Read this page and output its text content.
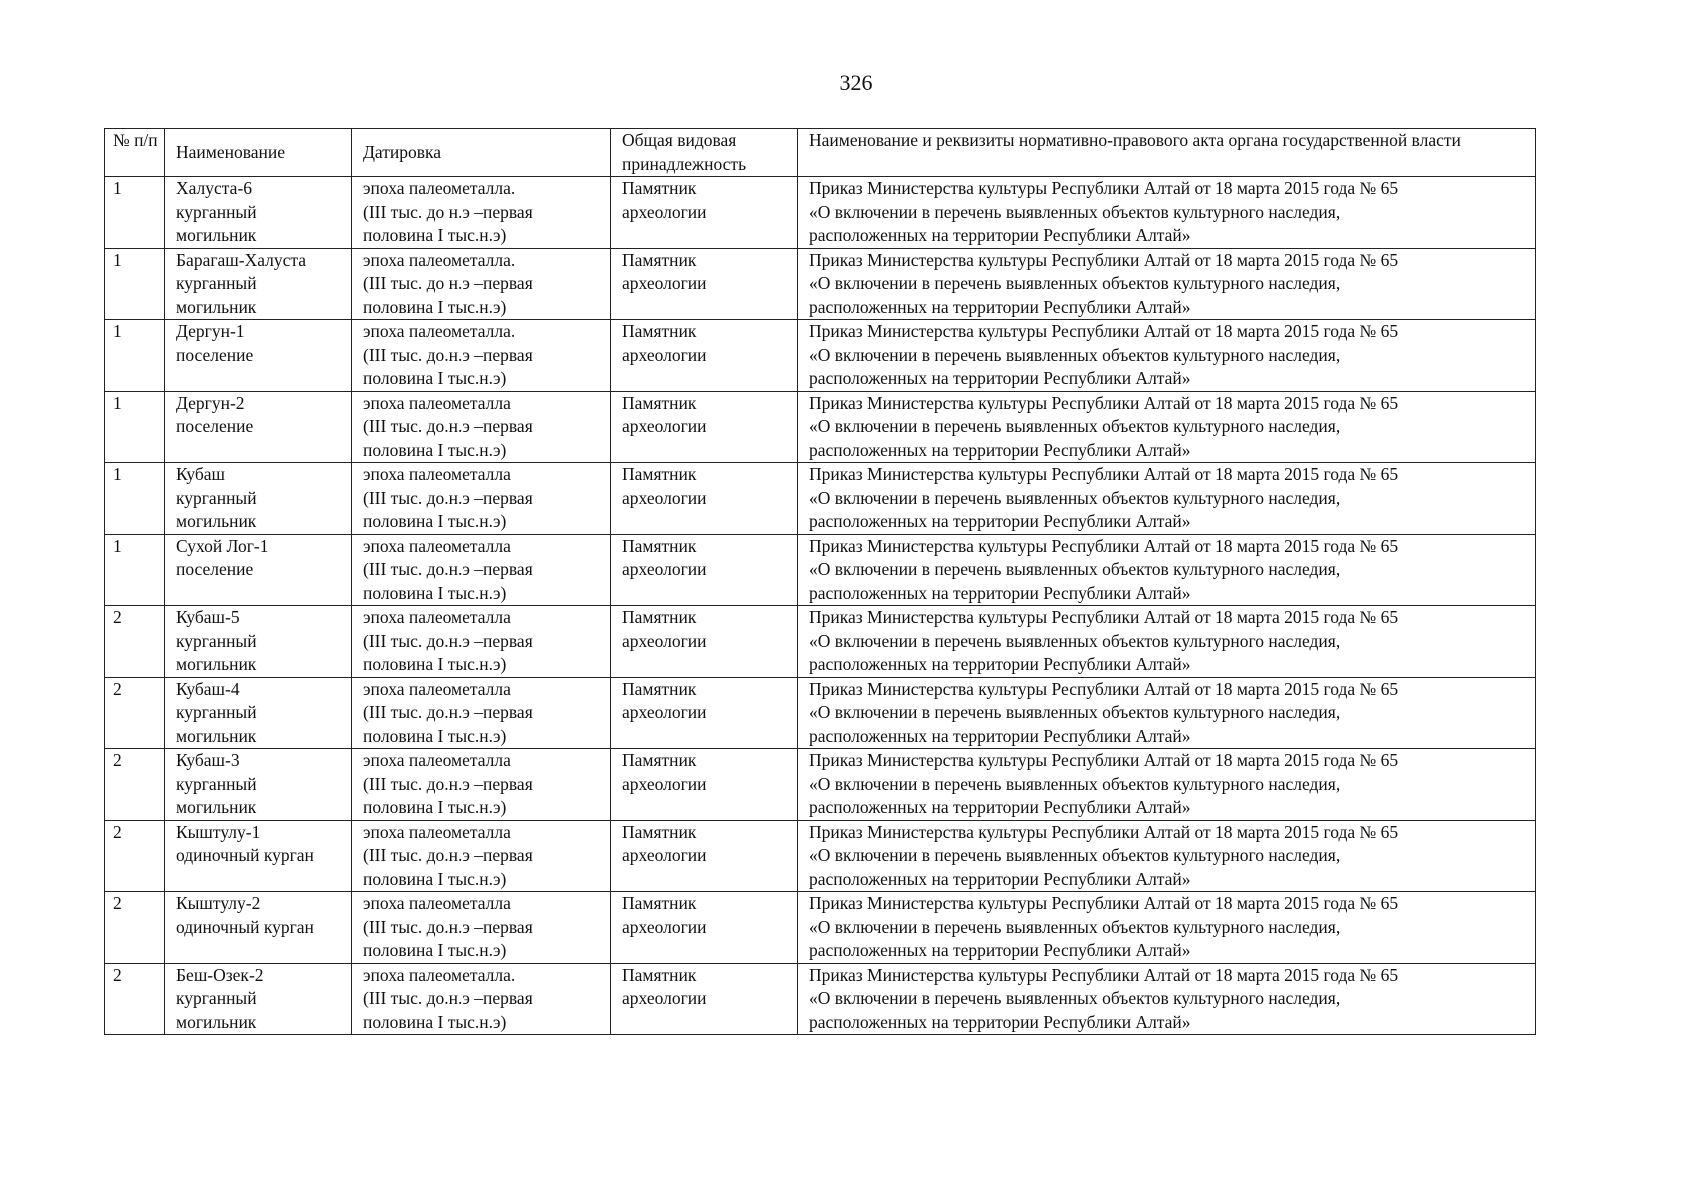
326
№ п/п	Наименование	Датировка	Общая видовая принадлежность	Наименование и реквизиты нормативно-правового акта органа государственной власти
1	Халуста-6
курганный
могильник	эпоха палеометалла.
(III тыс. до н.э –первая
половина I тыс.н.э)	Памятник
археологии	Приказ Министерства культуры Республики Алтай от 18 марта 2015 года № 65
«О включении в перечень выявленных объектов культурного наследия,
расположенных на территории Республики Алтай»
1	Барагаш-Халуста
курганный
могильник	эпоха палеометалла.
(III тыс. до н.э –первая
половина I тыс.н.э)	Памятник
археологии	Приказ Министерства культуры Республики Алтай от 18 марта 2015 года № 65
«О включении в перечень выявленных объектов культурного наследия,
расположенных на территории Республики Алтай»
1	Дергун-1
поселение	эпоха палеометалла.
(III тыс. до.н.э –первая
половина I тыс.н.э)	Памятник
археологии	Приказ Министерства культуры Республики Алтай от 18 марта 2015 года № 65
«О включении в перечень выявленных объектов культурного наследия,
расположенных на территории Республики Алтай»
1	Дергун-2
поселение	эпоха палеометалла
(III тыс. до.н.э –первая
половина I тыс.н.э)	Памятник
археологии	Приказ Министерства культуры Республики Алтай от 18 марта 2015 года № 65
«О включении в перечень выявленных объектов культурного наследия,
расположенных на территории Республики Алтай»
1	Кубаш
курганный
могильник	эпоха палеометалла
(III тыс. до.н.э –первая
половина I тыс.н.э)	Памятник
археологии	Приказ Министерства культуры Республики Алтай от 18 марта 2015 года № 65
«О включении в перечень выявленных объектов культурного наследия,
расположенных на территории Республики Алтай»
1	Сухой Лог-1
поселение	эпоха палеометалла
(III тыс. до.н.э –первая
половина I тыс.н.э)	Памятник
археологии	Приказ Министерства культуры Республики Алтай от 18 марта 2015 года № 65
«О включении в перечень выявленных объектов культурного наследия,
расположенных на территории Республики Алтай»
2	Кубаш-5
курганный
могильник	эпоха палеометалла
(III тыс. до.н.э –первая
половина I тыс.н.э)	Памятник
археологии	Приказ Министерства культуры Республики Алтай от 18 марта 2015 года № 65
«О включении в перечень выявленных объектов культурного наследия,
расположенных на территории Республики Алтай»
2	Кубаш-4
курганный
могильник	эпоха палеометалла
(III тыс. до.н.э –первая
половина I тыс.н.э)	Памятник
археологии	Приказ Министерства культуры Республики Алтай от 18 марта 2015 года № 65
«О включении в перечень выявленных объектов культурного наследия,
расположенных на территории Республики Алтай»
2	Кубаш-3
курганный
могильник	эпоха палеометалла
(III тыс. до.н.э –первая
половина I тыс.н.э)	Памятник
археологии	Приказ Министерства культуры Республики Алтай от 18 марта 2015 года № 65
«О включении в перечень выявленных объектов культурного наследия,
расположенных на территории Республики Алтай»
2	Кыштулу-1
одиночный курган	эпоха палеометалла
(III тыс. до.н.э –первая
половина I тыс.н.э)	Памятник
археологии	Приказ Министерства культуры Республики Алтай от 18 марта 2015 года № 65
«О включении в перечень выявленных объектов культурного наследия,
расположенных на территории Республики Алтай»
2	Кыштулу-2
одиночный курган	эпоха палеометалла
(III тыс. до.н.э –первая
половина I тыс.н.э)	Памятник
археологии	Приказ Министерства культуры Республики Алтай от 18 марта 2015 года № 65
«О включении в перечень выявленных объектов культурного наследия,
расположенных на территории Республики Алтай»
2	Беш-Озек-2
курганный
могильник	эпоха палеометалла.
(III тыс. до.н.э –первая
половина I тыс.н.э)	Памятник
археологии	Приказ Министерства культуры Республики Алтай от 18 марта 2015 года № 65
«О включении в перечень выявленных объектов культурного наследия,
расположенных на территории Республики Алтай»
